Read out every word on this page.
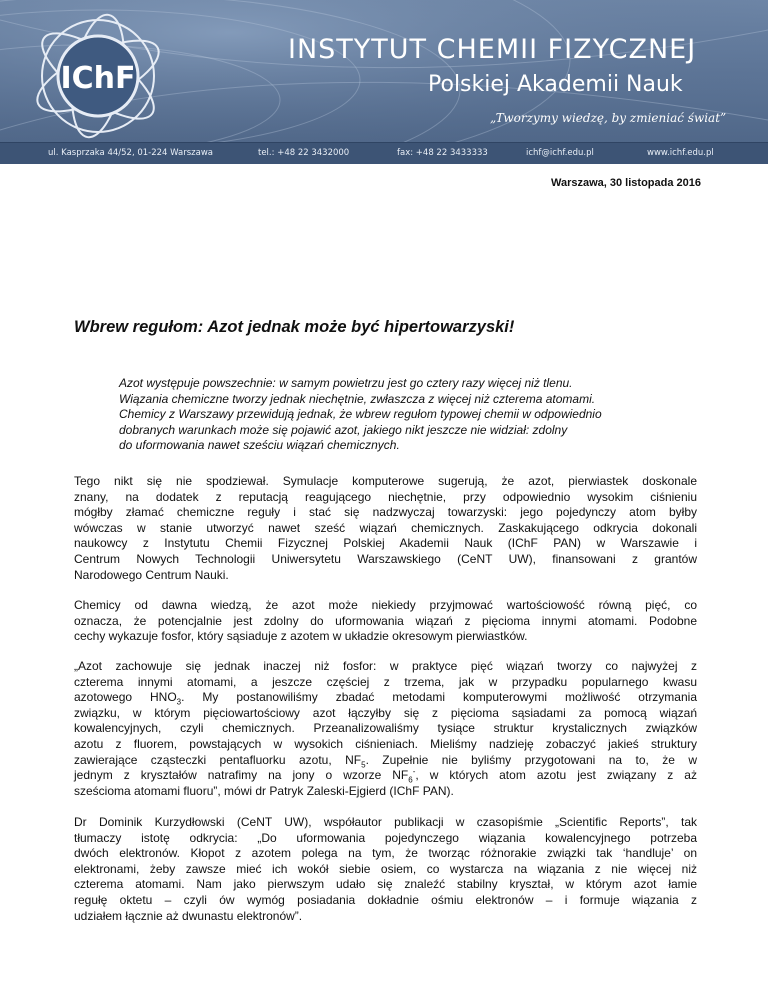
IChF
INSTYTUT CHEMII FIZYCZNEJ
Polskiej Akademii Nauk
„Tworzymy wiedzę, by zmieniać świat”
ul. Kasprzaka 44/52, 01-224 Warszawa	tel.: +48 22 3432000	fax: +48 22 3433333	ichf@ichf.edu.pl	www.ichf.edu.pl
Warszawa, 30 listopada 2016
Wbrew regułom: Azot jednak może być hipertowarzyski!

Azot występuje powszechnie: w samym powietrzu jest go cztery razy więcej niż tlenu.

Wiązania chemiczne tworzy jednak niechętnie, zwłaszcza z więcej niż czterema atomami.

Chemicy z Warszawy przewidują jednak, że wbrew regułom typowej chemii w odpowiednio

dobranych warunkach może się pojawić azot, jakiego nikt jeszcze nie widział: zdolny

do uformowania nawet sześciu wiązań chemicznych.

Tego nikt się nie spodziewał. Symulacje komputerowe sugerują, że azot, pierwiastek doskonale
znany, na dodatek z reputacją reagującego niechętnie, przy odpowiednio wysokim ciśnieniu
mógłby złamać chemiczne reguły i stać się nadzwyczaj towarzyski: jego pojedynczy atom byłby
wówczas w stanie utworzyć nawet sześć wiązań chemicznych. Zaskakującego odkrycia dokonali
naukowcy z Instytutu Chemii Fizycznej Polskiej Akademii Nauk (IChF PAN) w Warszawie i
Centrum Nowych Technologii Uniwersytetu Warszawskiego (CeNT UW), finansowani z grantów
Narodowego Centrum Nauki.
Chemicy od dawna wiedzą, że azot może niekiedy przyjmować wartościowość równą pięć, co
oznacza, że potencjalnie jest zdolny do uformowania wiązań z pięcioma innymi atomami. Podobne
cechy wykazuje fosfor, który sąsiaduje z azotem w układzie okresowym pierwiastków.
„Azot zachowuje się jednak inaczej niż fosfor: w praktyce pięć wiązań tworzy co najwyżej z
czterema innymi atomami, a jeszcze częściej z trzema, jak w przypadku popularnego kwasu
azotowego $HNO_3$. My postanowiliśmy zbadać metodami komputerowymi możliwość otrzymania
związku, w którym pięciowartościowy azot łączyłby się z pięcioma sąsiadami za pomocą wiązań
kowalencyjnych, czyli chemicznych. Przeanalizowaliśmy tysiące struktur krystalicznych związków
azotu z fluorem, powstających w wysokich ciśnieniach. Mieliśmy nadzieję zobaczyć jakieś struktury
zawierające cząsteczki pentafluorku azotu, $NF_5$. Zupełnie nie byliśmy przygotowani na to, że w
jednym z kryształów natrafimy na jony o wzorze $NF_6^-$, w których atom azotu jest związany z aż
sześcioma atomami fluoru”, mówi dr Patryk Zaleski-Ejgierd (IChF PAN).
Dr Dominik Kurzydłowski (CeNT UW), współautor publikacji w czasopiśmie „Scientific Reports”, tak
tłumaczy istotę odkrycia: „Do uformowania pojedynczego wiązania kowalencyjnego potrzeba
dwóch elektronów. Kłopot z azotem polega na tym, że tworząc różnorakie związki tak ‘handluje’ on
elektronami, żeby zawsze mieć ich wokół siebie osiem, co wystarcza na wiązania z nie więcej niż
czterema atomami. Nam jako pierwszym udało się znaleźć stabilny kryształ, w którym azot łamie
regułę oktetu – czyli ów wymóg posiadania dokładnie ośmiu elektronów – i formuje wiązania z
udziałem łącznie aż dwunastu elektronów”.
